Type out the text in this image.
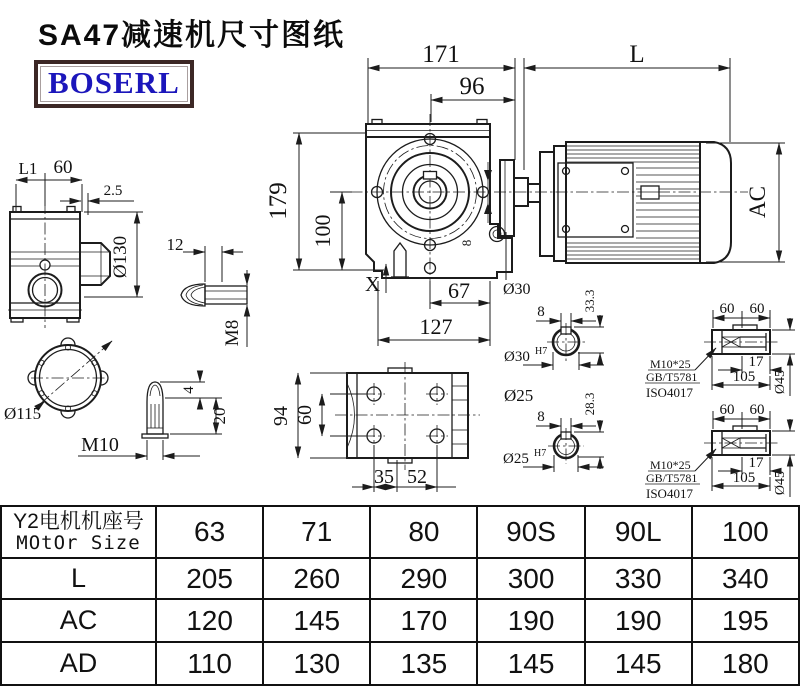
SA47减速机尺寸图纸
BOSERL
171	L
96
179
100
X	67
127
Ø30
8
AC
L1 60
2.5
Ø130 12
M8
Ø115
M10
4
20 94 60
35 52
8	33.3
Ø30 H7
Ø25
8
28.3
Ø25 H7
60 60
Ø45
17
105
M10*25
GB/T5781
ISO4017
60 60
Ø45
17
105
M10*25
GB/T5781
ISO4017
Y2电机机座号
MOtOr Size	63	71	80	90S	90L	100
L	205	260	290	300	330	340
AC	120	145	170	190	190	195
AD	110	130	135	145	145	180
